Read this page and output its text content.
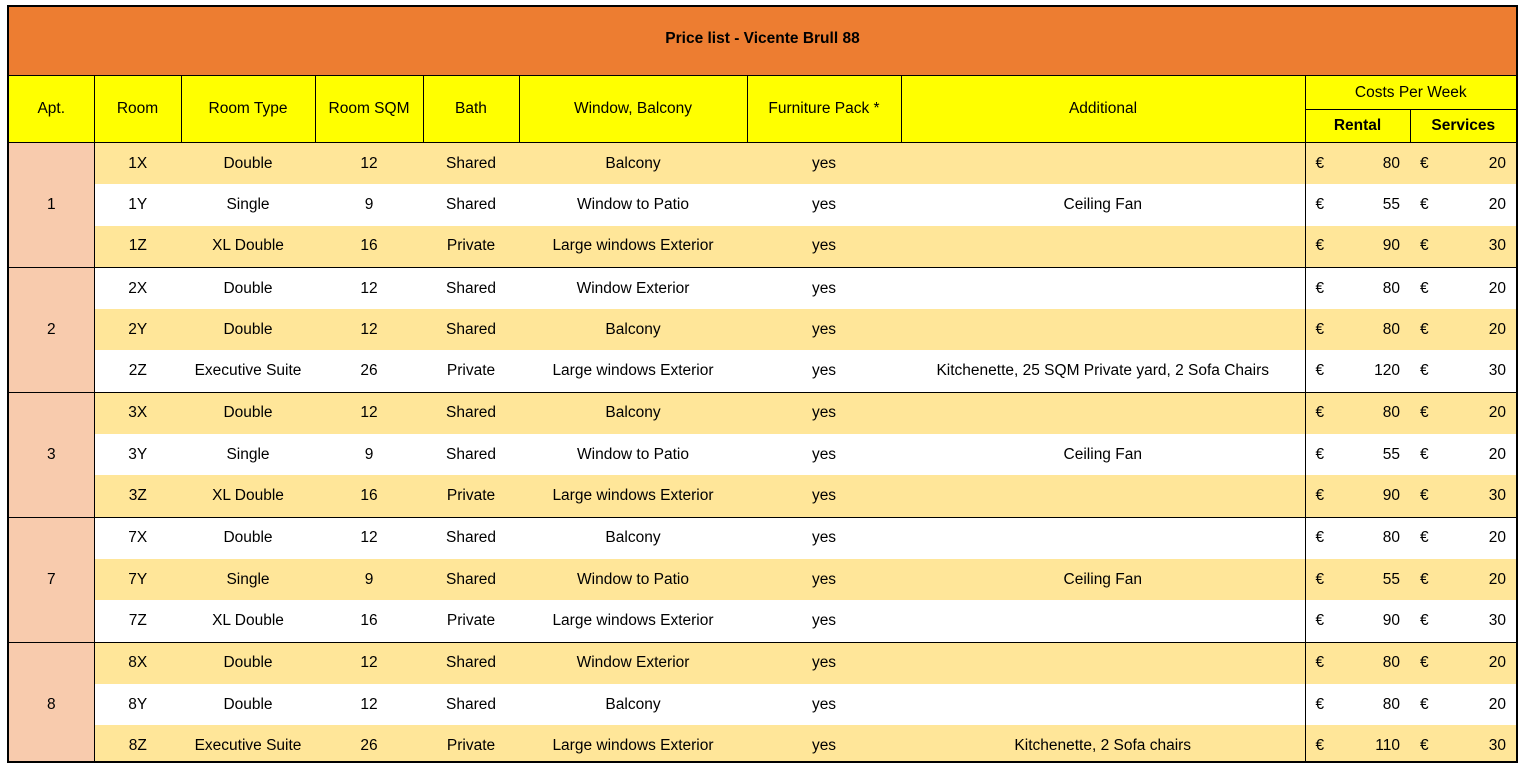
Price list - Vicente Brull 88
Apt.	Room	Room Type	Room SQM	Bath	Window, Balcony	Furniture Pack *	Additional	Costs Per Week			
								Rental		Services	
1	1X	Double	12	Shared	Balcony	yes		€	80	€	20
	1Y	Single	9	Shared	Window to Patio	yes	Ceiling Fan	€	55	€	20
	1Z	XL Double	16	Private	Large windows Exterior	yes		€	90	€	30
2	2X	Double	12	Shared	Window Exterior	yes		€	80	€	20
	2Y	Double	12	Shared	Balcony	yes		€	80	€	20
	2Z	Executive Suite	26	Private	Large windows Exterior	yes	Kitchenette, 25 SQM Private yard, 2 Sofa Chairs	€	120	€	30
3	3X	Double	12	Shared	Balcony	yes		€	80	€	20
	3Y	Single	9	Shared	Window to Patio	yes	Ceiling Fan	€	55	€	20
	3Z	XL Double	16	Private	Large windows Exterior	yes		€	90	€	30
7	7X	Double	12	Shared	Balcony	yes		€	80	€	20
	7Y	Single	9	Shared	Window to Patio	yes	Ceiling Fan	€	55	€	20
	7Z	XL Double	16	Private	Large windows Exterior	yes		€	90	€	30
8	8X	Double	12	Shared	Window Exterior	yes		€	80	€	20
	8Y	Double	12	Shared	Balcony	yes		€	80	€	20
	8Z	Executive Suite	26	Private	Large windows Exterior	yes	Kitchenette, 2 Sofa chairs	€	110	€	30
